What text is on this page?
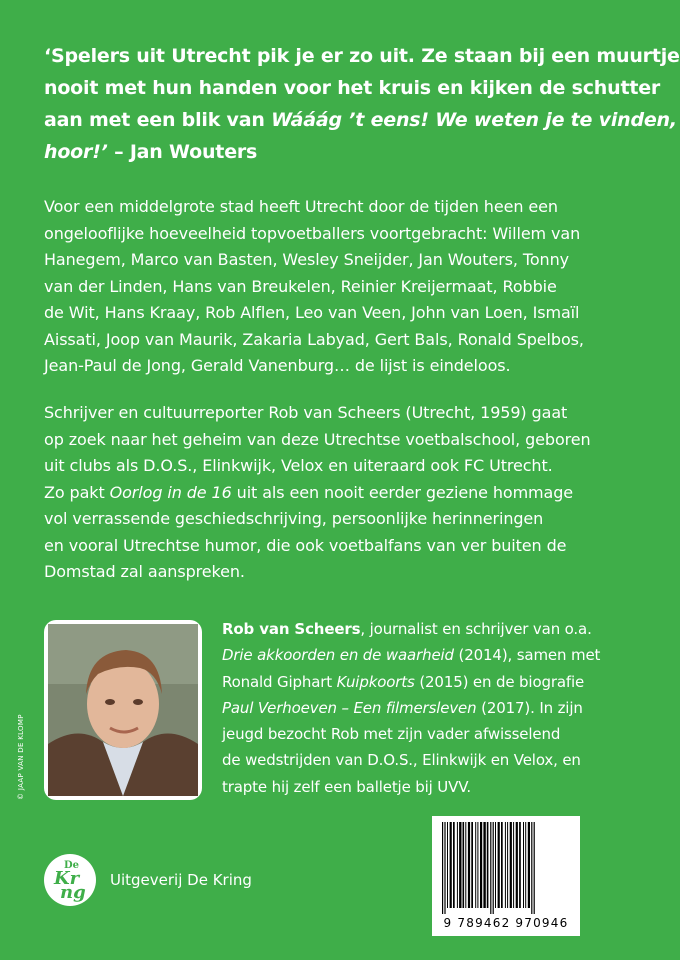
‘Spelers uit Utrecht pik je er zo uit. Ze staan bij een muurtje
nooit met hun handen voor het kruis en kijken de schutter
aan met een blik van Wááág ’t eens! We weten je te vinden,
hoor!’ – Jan Wouters
Voor een middelgrote stad heeft Utrecht door de tijden heen een
ongelooflijke hoeveelheid topvoetballers voortgebracht: Willem van
Hanegem, Marco van Basten, Wesley Sneijder, Jan Wouters, Tonny
van der Linden, Hans van Breukelen, Reinier Kreijermaat, Robbie
de Wit, Hans Kraay, Rob Alflen, Leo van Veen, John van Loen, Ismaïl
Aissati, Joop van Maurik, Zakaria Labyad, Gert Bals, Ronald Spelbos,
Jean-Paul de Jong, Gerald Vanenburg… de lijst is eindeloos.
Schrijver en cultuurreporter Rob van Scheers (Utrecht, 1959) gaat
op zoek naar het geheim van deze Utrechtse voetbalschool, geboren
uit clubs als D.O.S., Elinkwijk, Velox en uiteraard ook FC Utrecht.
Zo pakt Oorlog in de 16 uit als een nooit eerder geziene hommage
vol verrassende geschiedschrijving, persoonlijke herinneringen
en vooral Utrechtse humor, die ook voetbalfans van ver buiten de
Domstad zal aanspreken.
© JAAP VAN DE KLOMP
Rob van Scheers, journalist en schrijver van o.a.
Drie akkoorden en de waarheid (2014), samen met
Ronald Giphart Kuipkoorts (2015) en de biografie
Paul Verhoeven – Een filmersleven (2017). In zijn
jeugd bezocht Rob met zijn vader afwisselend
de wedstrijden van D.O.S., Elinkwijk en Velox, en
trapte hij zelf een balletje bij UVV.
De
Kr
ng
Uitgeverij De Kring
9 789462 970946
